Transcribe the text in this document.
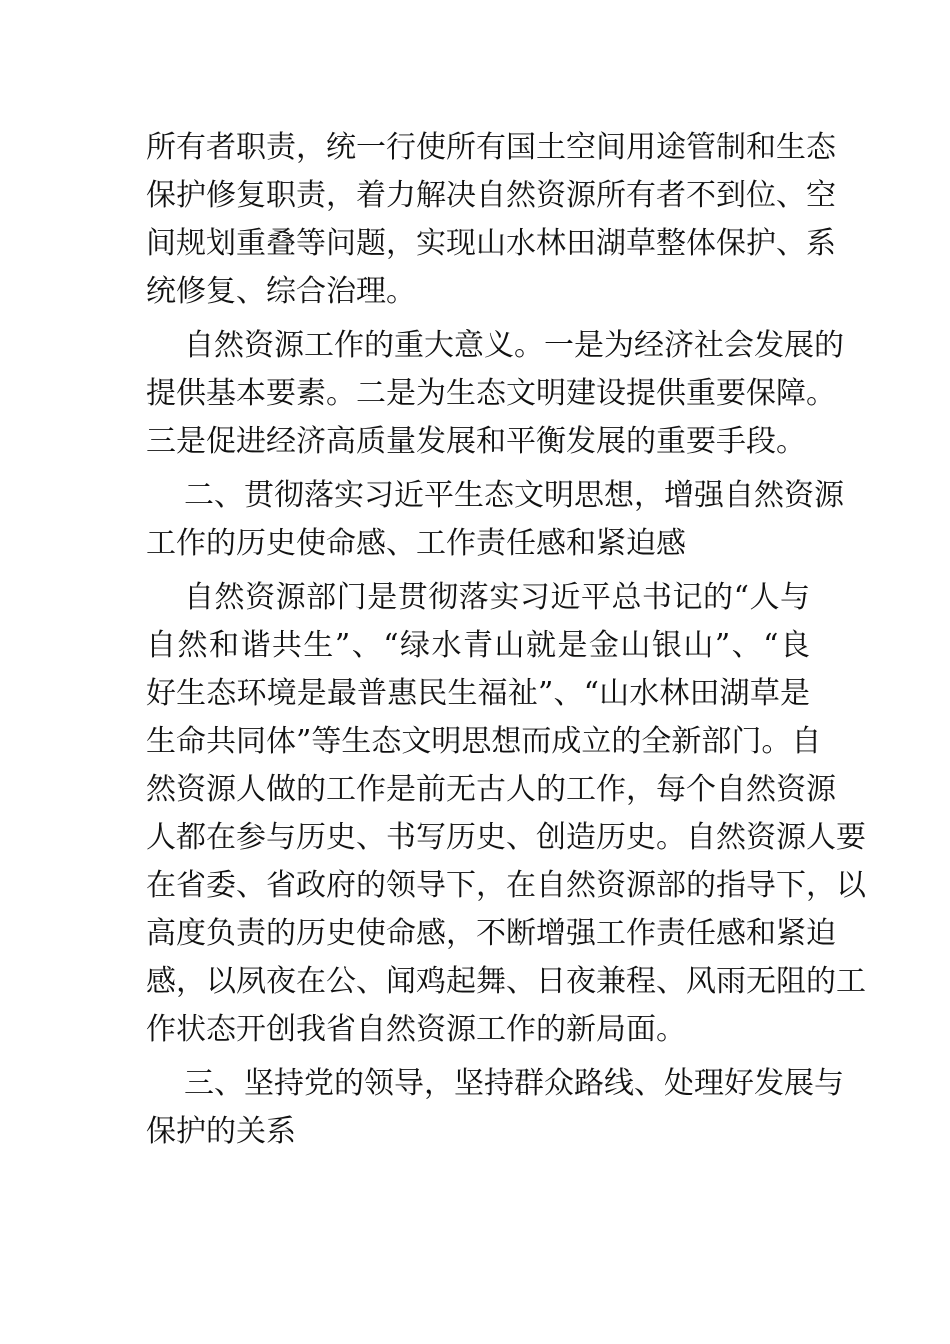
所有者职责，统一行使所有国土空间用途管制和生态
保护修复职责，着力解决自然资源所有者不到位、空
间规划重叠等问题，实现山水林田湖草整体保护、系
统修复、综合治理。
自然资源工作的重大意义。一是为经济社会发展的
提供基本要素。二是为生态文明建设提供重要保障。
三是促进经济高质量发展和平衡发展的重要手段。
二、贯彻落实习近平生态文明思想，增强自然资源
工作的历史使命感、工作责任感和紧迫感
自然资源部门是贯彻落实习近平总书记的“人与
自然和谐共生”、“绿水青山就是金山银山”、“良
好生态环境是最普惠民生福祉”、“山水林田湖草是
生命共同体”等生态文明思想而成立的全新部门。自
然资源人做的工作是前无古人的工作，每个自然资源
人都在参与历史、书写历史、创造历史。自然资源人要
在省委、省政府的领导下，在自然资源部的指导下，以
高度负责的历史使命感，不断增强工作责任感和紧迫
感，以夙夜在公、闻鸡起舞、日夜兼程、风雨无阻的工
作状态开创我省自然资源工作的新局面。
三、坚持党的领导，坚持群众路线、处理好发展与
保护的关系
